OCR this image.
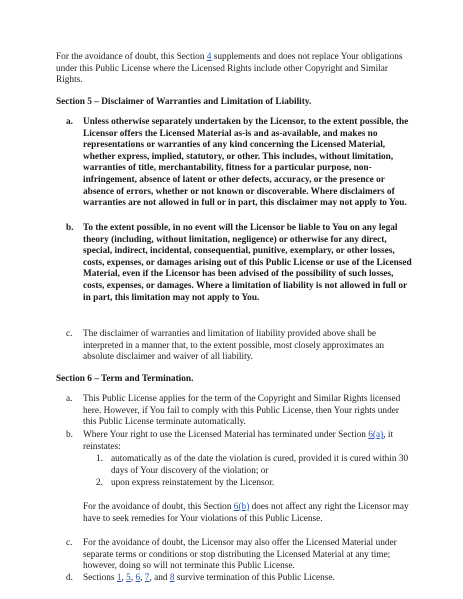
For the avoidance of doubt, this Section 4 supplements and does not replace Your obligations under this Public License where the Licensed Rights include other Copyright and Similar Rights.

Section 5 – Disclaimer of Warranties and Limitation of Liability.

a. Unless otherwise separately undertaken by the Licensor, to the extent possible, the Licensor offers the Licensed Material as-is and as-available, and makes no representations or warranties of any kind concerning the Licensed Material, whether express, implied, statutory, or other. This includes, without limitation, warranties of title, merchantability, fitness for a particular purpose, non-infringement, absence of latent or other defects, accuracy, or the presence or absence of errors, whether or not known or discoverable. Where disclaimers of warranties are not allowed in full or in part, this disclaimer may not apply to You.

b. To the extent possible, in no event will the Licensor be liable to You on any legal theory (including, without limitation, negligence) or otherwise for any direct, special, indirect, incidental, consequential, punitive, exemplary, or other losses, costs, expenses, or damages arising out of this Public License or use of the Licensed Material, even if the Licensor has been advised of the possibility of such losses, costs, expenses, or damages. Where a limitation of liability is not allowed in full or in part, this limitation may not apply to You.

c. The disclaimer of warranties and limitation of liability provided above shall be interpreted in a manner that, to the extent possible, most closely approximates an absolute disclaimer and waiver of all liability.

Section 6 – Term and Termination.

a. This Public License applies for the term of the Copyright and Similar Rights licensed here. However, if You fail to comply with this Public License, then Your rights under this Public License terminate automatically.

b. Where Your right to use the Licensed Material has terminated under Section 6(a), it reinstates:

1. automatically as of the date the violation is cured, provided it is cured within 30 days of Your discovery of the violation; or

2. upon express reinstatement by the Licensor.

For the avoidance of doubt, this Section 6(b) does not affect any right the Licensor may have to seek remedies for Your violations of this Public License.

c. For the avoidance of doubt, the Licensor may also offer the Licensed Material under separate terms or conditions or stop distributing the Licensed Material at any time; however, doing so will not terminate this Public License.

d. Sections 1, 5, 6, 7, and 8 survive termination of this Public License.
